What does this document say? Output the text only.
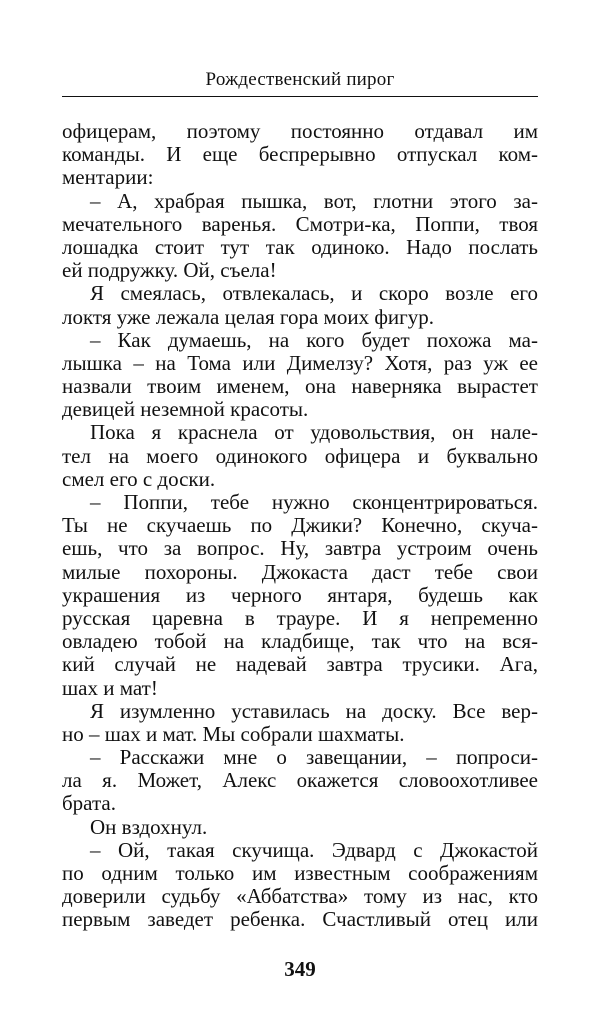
Рождественский пирог
офицерам, поэтому постоянно отдавал им
команды. И еще беспрерывно отпускал ком-
ментарии:
– А, храбрая пышка, вот, глотни этого за-
мечательного варенья. Смотри-ка, Поппи, твоя
лошадка стоит тут так одиноко. Надо послать
ей подружку. Ой, съела!
Я смеялась, отвлекалась, и скоро возле его
локтя уже лежала целая гора моих фигур.
– Как думаешь, на кого будет похожа ма-
лышка – на Тома или Димелзу? Хотя, раз уж ее
назвали твоим именем, она наверняка вырастет
девицей неземной красоты.
Пока я краснела от удовольствия, он нале-
тел на моего одинокого офицера и буквально
смел его с доски.
– Поппи, тебе нужно сконцентрироваться.
Ты не скучаешь по Джики? Конечно, скуча-
ешь, что за вопрос. Ну, завтра устроим очень
милые похороны. Джокаста даст тебе свои
украшения из черного янтаря, будешь как
русская царевна в трауре. И я непременно
овладею тобой на кладбище, так что на вся-
кий случай не надевай завтра трусики. Ага,
шах и мат!
Я изумленно уставилась на доску. Все вер-
но – шах и мат. Мы собрали шахматы.
– Расскажи мне о завещании, – попроси-
ла я. Может, Алекс окажется словоохотливее
брата.
Он вздохнул.
– Ой, такая скучища. Эдвард с Джокастой
по одним только им известным соображениям
доверили судьбу «Аббатства» тому из нас, кто
первым заведет ребенка. Счастливый отец или
349
